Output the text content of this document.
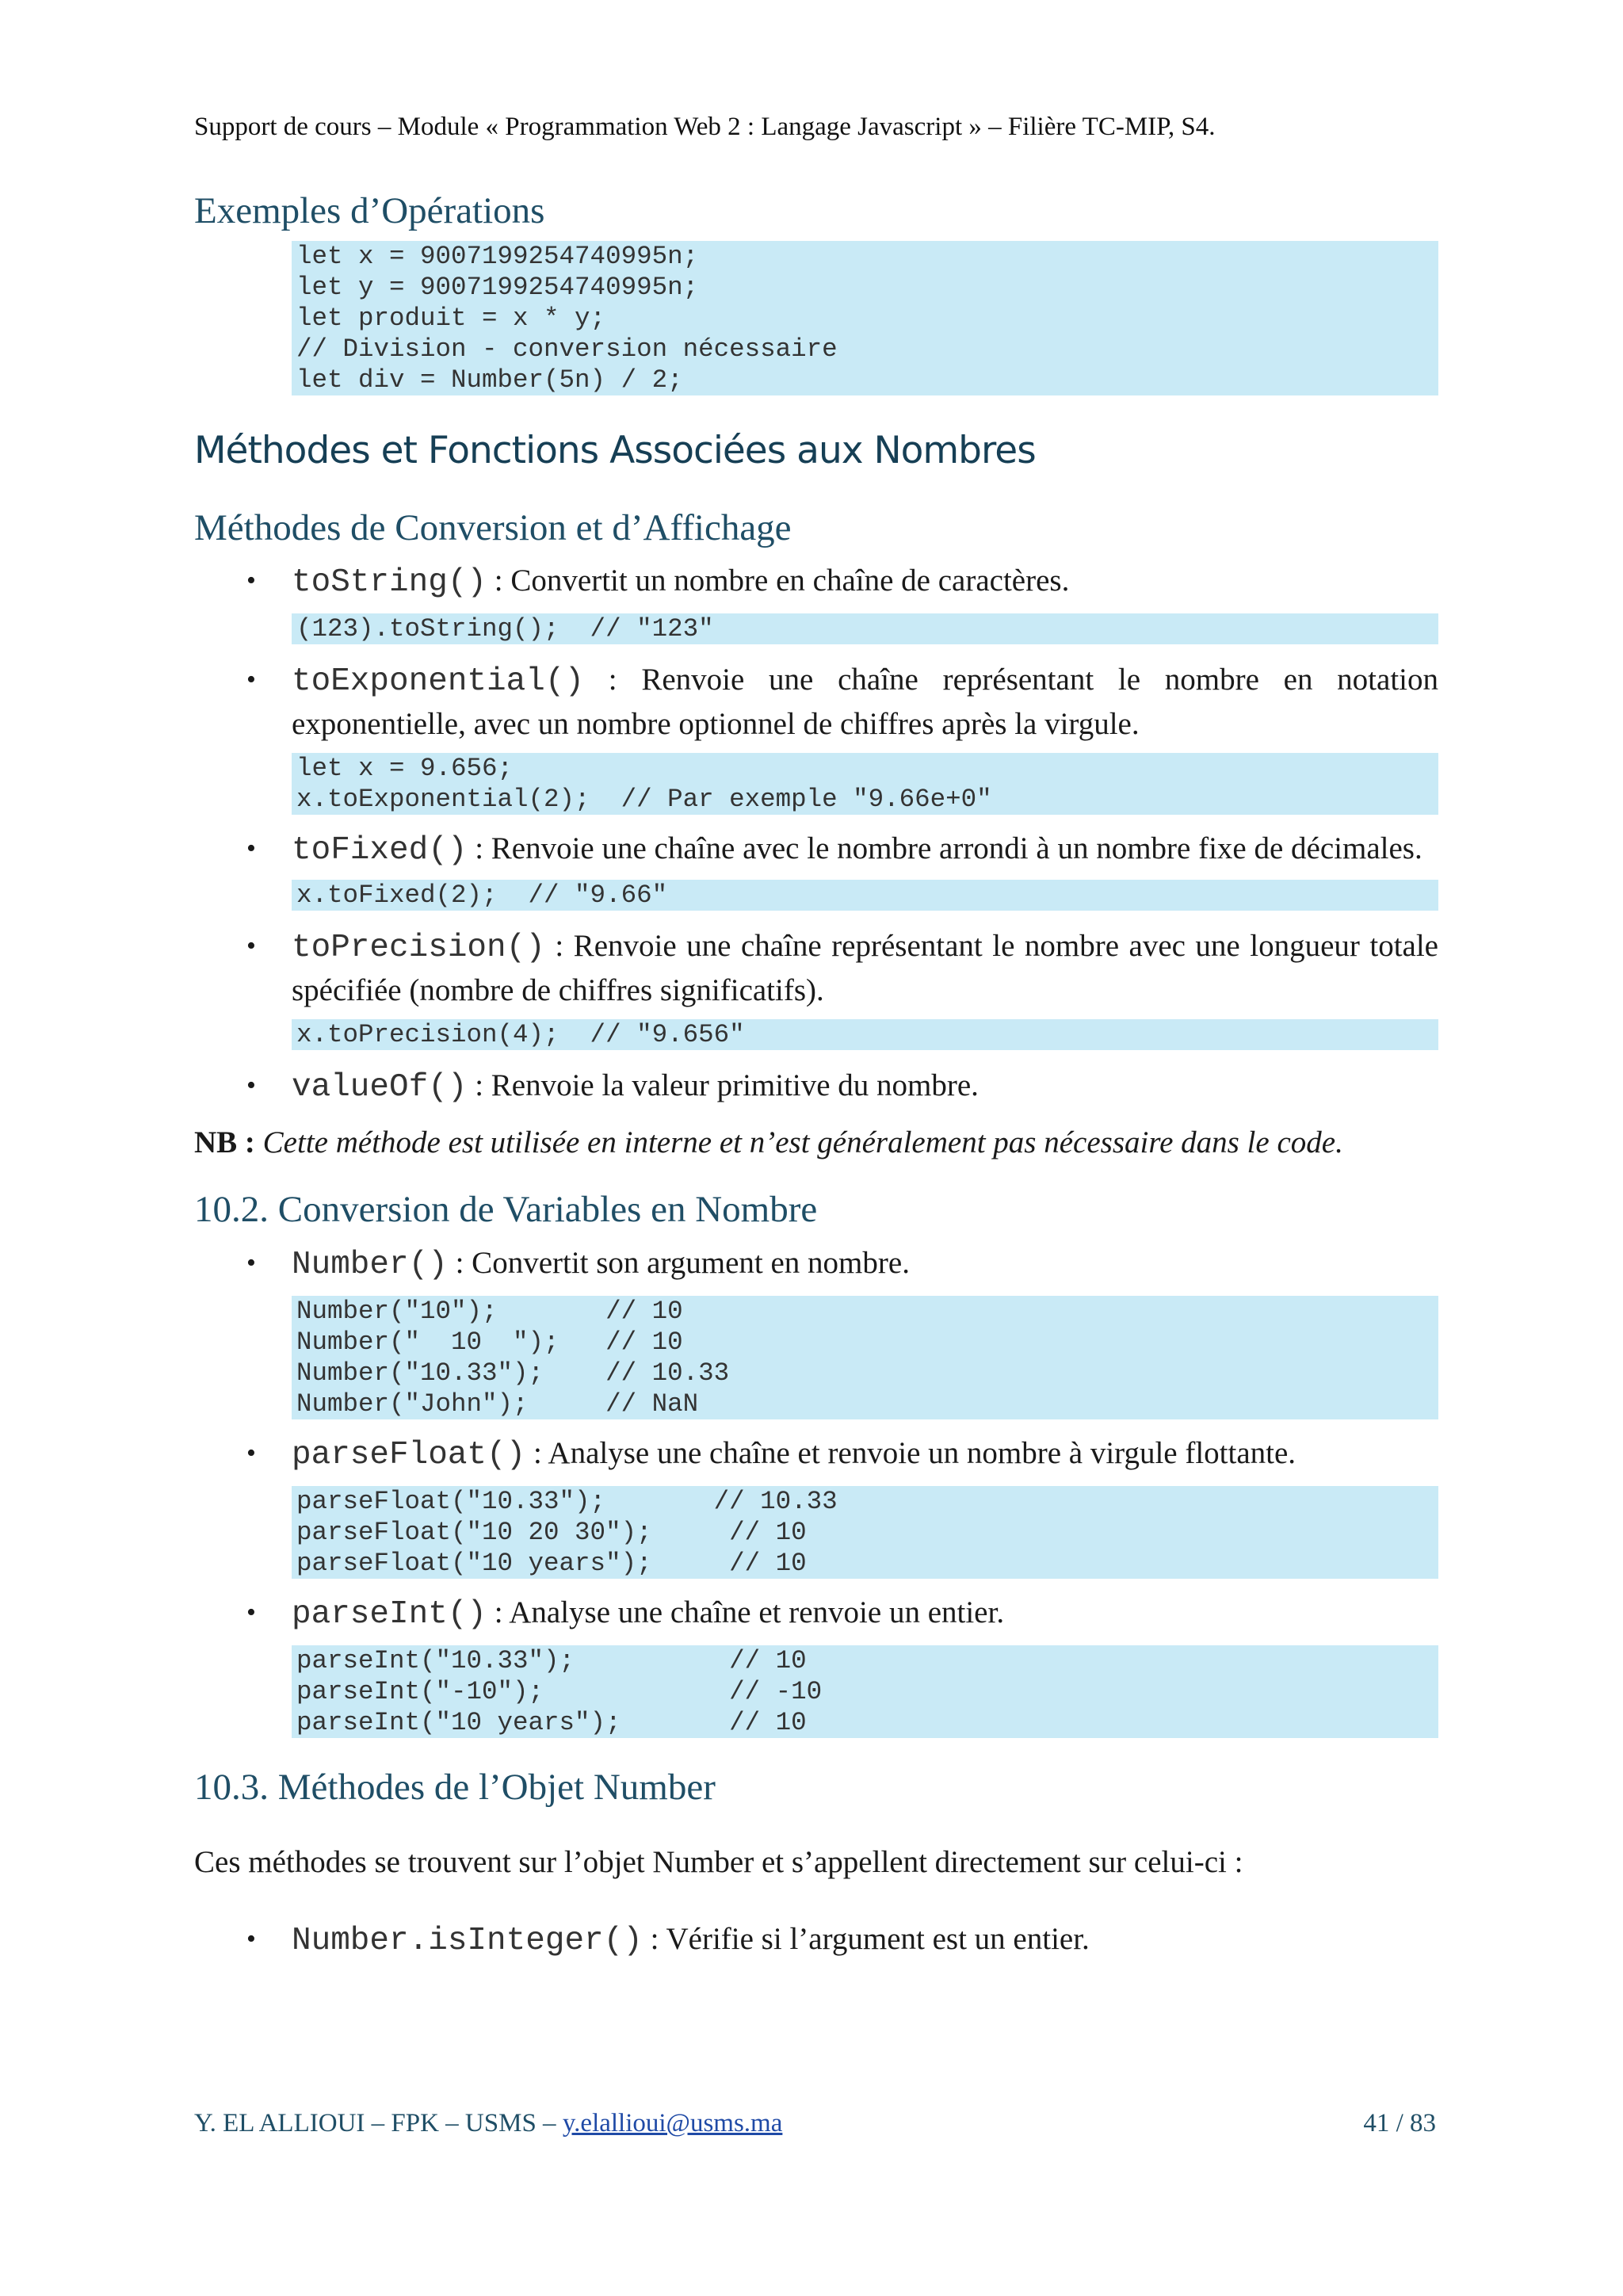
Support de cours – Module « Programmation Web 2 : Langage Javascript » – Filière TC-MIP, S4.
Exemples d’Opérations
let x = 9007199254740995n;
let y = 9007199254740995n;
let produit = x * y;
// Division - conversion nécessaire
let div = Number(5n) / 2;
Méthodes et Fonctions Associées aux Nombres
Méthodes de Conversion et d’Affichage
• toString() : Convertit un nombre en chaîne de caractères.
(123).toString();  // "123"
• toExponential() : Renvoie une chaîne représentant le nombre en notation exponentielle, avec un nombre optionnel de chiffres après la virgule.
let x = 9.656;
x.toExponential(2);  // Par exemple "9.66e+0"
• toFixed() : Renvoie une chaîne avec le nombre arrondi à un nombre fixe de décimales.
x.toFixed(2);  // "9.66"
• toPrecision() : Renvoie une chaîne représentant le nombre avec une longueur totale spécifiée (nombre de chiffres significatifs).
x.toPrecision(4);  // "9.656"
• valueOf() : Renvoie la valeur primitive du nombre.

NB : Cette méthode est utilisée en interne et n’est généralement pas nécessaire dans le code.

10.2. Conversion de Variables en Nombre
• Number() : Convertit son argument en nombre.
Number("10");       // 10
Number("  10  ");   // 10
Number("10.33");    // 10.33
Number("John");     // NaN
• parseFloat() : Analyse une chaîne et renvoie un nombre à virgule flottante.
parseFloat("10.33");       // 10.33
parseFloat("10 20 30");     // 10
parseFloat("10 years");     // 10
• parseInt() : Analyse une chaîne et renvoie un entier.
parseInt("10.33");          // 10
parseInt("-10");            // -10
parseInt("10 years");       // 10
10.3. Méthodes de l’Objet Number

Ces méthodes se trouvent sur l’objet Number et s’appellent directement sur celui-ci :

• Number.isInteger() : Vérifie si l’argument est un entier.
Y. EL ALLIOUI – FPK – USMS – y.elallioui@usms.ma	41 / 83
